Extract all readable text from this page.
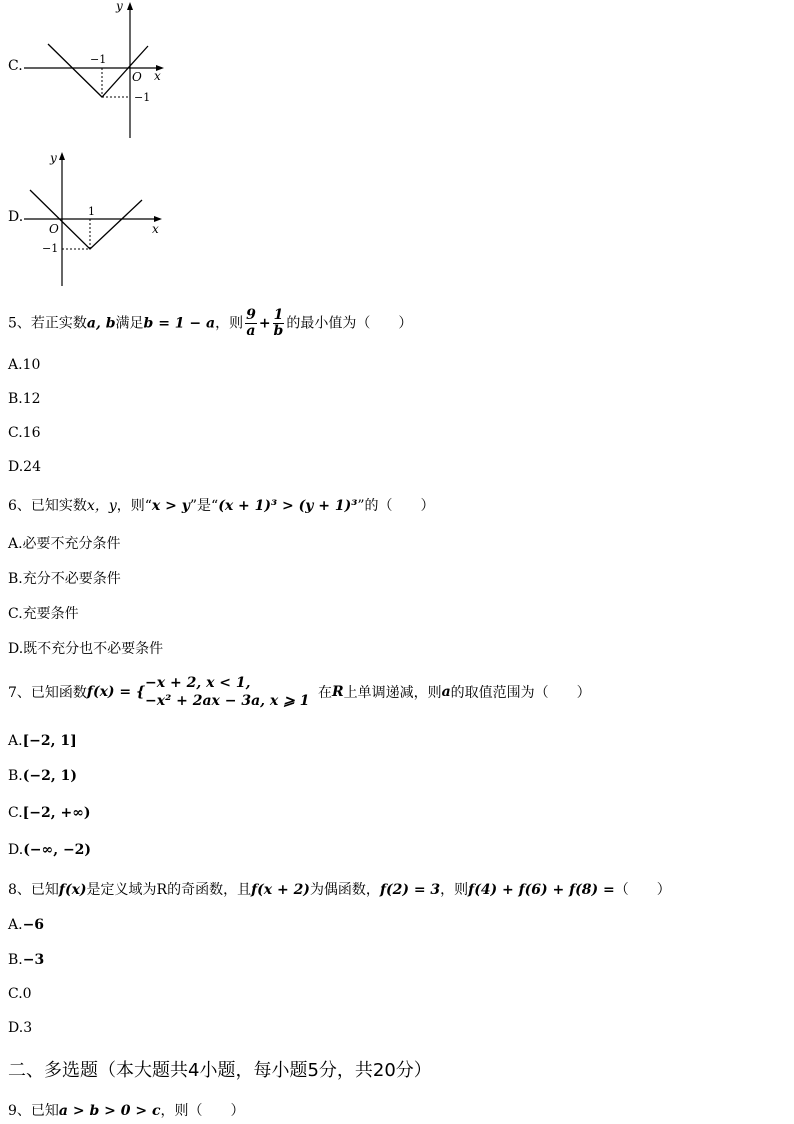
C.
y
x
O
−1
−1
D.
y
x
O
1
−1
5、若正实数a, b满足b = 1 − a，则 $\frac{9}{a} + \frac{1}{b}$ 的最小值为（　　）
A.10
B.12
C.16
D.24
6、已知实数x，y，则“x > y”是“(x + 1)³ > (y + 1)³”的（　　）
A.必要不充分条件
B.充分不必要条件
C.充要条件
D.既不充分也不必要条件
7、已知函数f(x) = {
−x + 2, x < 1,
−x² + 2ax − 3a, x ⩾ 1 在R上单调递减，则a的取值范围为（　　）
A.[−2, 1]
B.(−2, 1)
C.[−2, +∞)
D.(−∞, −2)
8、已知f(x)是定义域为R的奇函数，且f(x + 2)为偶函数，f(2) = 3，则f(4) + f(6) + f(8) =（　　）
A.−6
B.−3
C.0
D.3
二、多选题（本大题共4小题，每小题5分，共20分）
9、已知a > b > 0 > c，则（　　）
